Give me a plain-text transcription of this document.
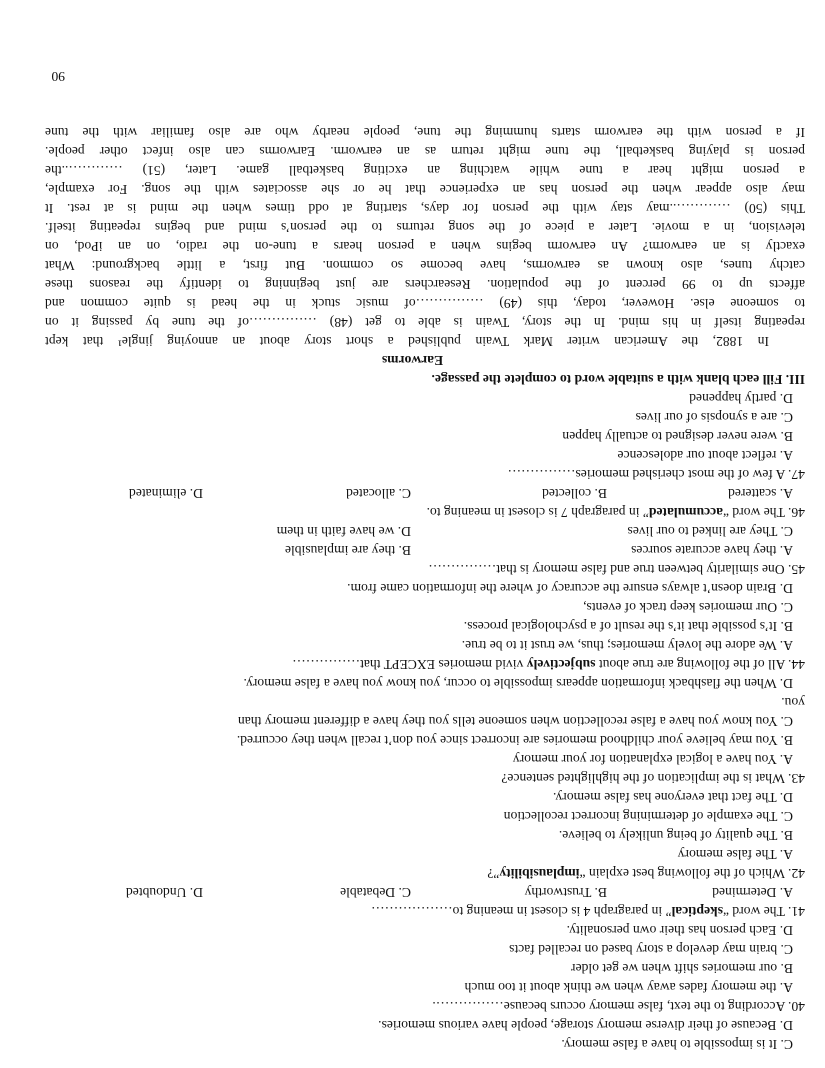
C. It is impossible to have a false memory.
D. Because of their diverse memory storage, people have various memories.
40. According to the text, false memory occurs because…………….
A. the memory fades away when we think about it too much
B. our memories shift when we get older
C. brain may develop a story based on recalled facts
D. Each person has their own personality.
41. The word “skeptical” in paragraph 4 is closest in meaning to………………
A. Determined
B. Trustworthy
C. Debatable
D. Undoubted
42. Which of the following best explain “implausibility”?
A. The false memory
B. The quality of being unlikely to believe.
C. The example of determining incorrect recollection
D. The fact that everyone has false memory.
43. What is the implication of the highlighted sentence?
A. You have a logical explanation for your memory
B. You may believe your childhood memories are incorrect since you don’t recall when they occurred.
C. You know you have a false recollection when someone tells you they have a different memory than
you.
D. When the flashback information appears impossible to occur, you know you have a false memory.
44. All of the following are true about subjectively vivid memories EXCEPT that……………
A. We adore the lovely memories; thus, we trust it to be true.
B. It’s possible that it’s the result of a psychological process.
C. Our memories keep track of events,
D. Brain doesn’t always ensure the accuracy of where the information came from.
45. One similarity between true and false memory is that……………
A. they have accurate sources
B. they are implausible
C. They are linked to our lives
D. we have faith in them
46. The word “accumulated” in paragraph 7 is closest in meaning to.
A. scattered
B. collected
C. allocated
D. eliminated
47. A few of the most cherished memories……………
A. reflect about our adolescence
B. were never designed to actually happen
C. are a synopsis of our lives
D. partly happened
III. Fill each blank with a suitable word to complete the passage.
Earworms
In 1882, the American writer Mark Twain published a short story about an annoying jingle¹ that kept
repeating itself in his mind. In the story, Twain is able to get (48) ……………of the tune by passing it on
to someone else. However, today, this (49) ……………of music stuck in the head is quite common and
affects up to 99 percent of the population. Researchers are just beginning to identify the reasons these
catchy tunes, also known as earworms, have become so common. But first, a little background: What
exactly is an earworm? An earworm begins when a person hears a tune-on the radio, on an iPod, on
television, in a movie. Later a piece of the song returns to the person’s mind and begins repeating itself.
This (50) …………..may stay with the person for days, starting at odd times when the mind is at rest. It
may also appear when the person has an experience that he or she associates with the song. For example,
a person might hear a tune while watching an exciting basketball game. Later, (51) …………..the
person is playing basketball, the tune might return as an earworm. Earworms can also infect other people.
If a person with the earworm starts humming the tune, people nearby who are also familiar with the tune
90
